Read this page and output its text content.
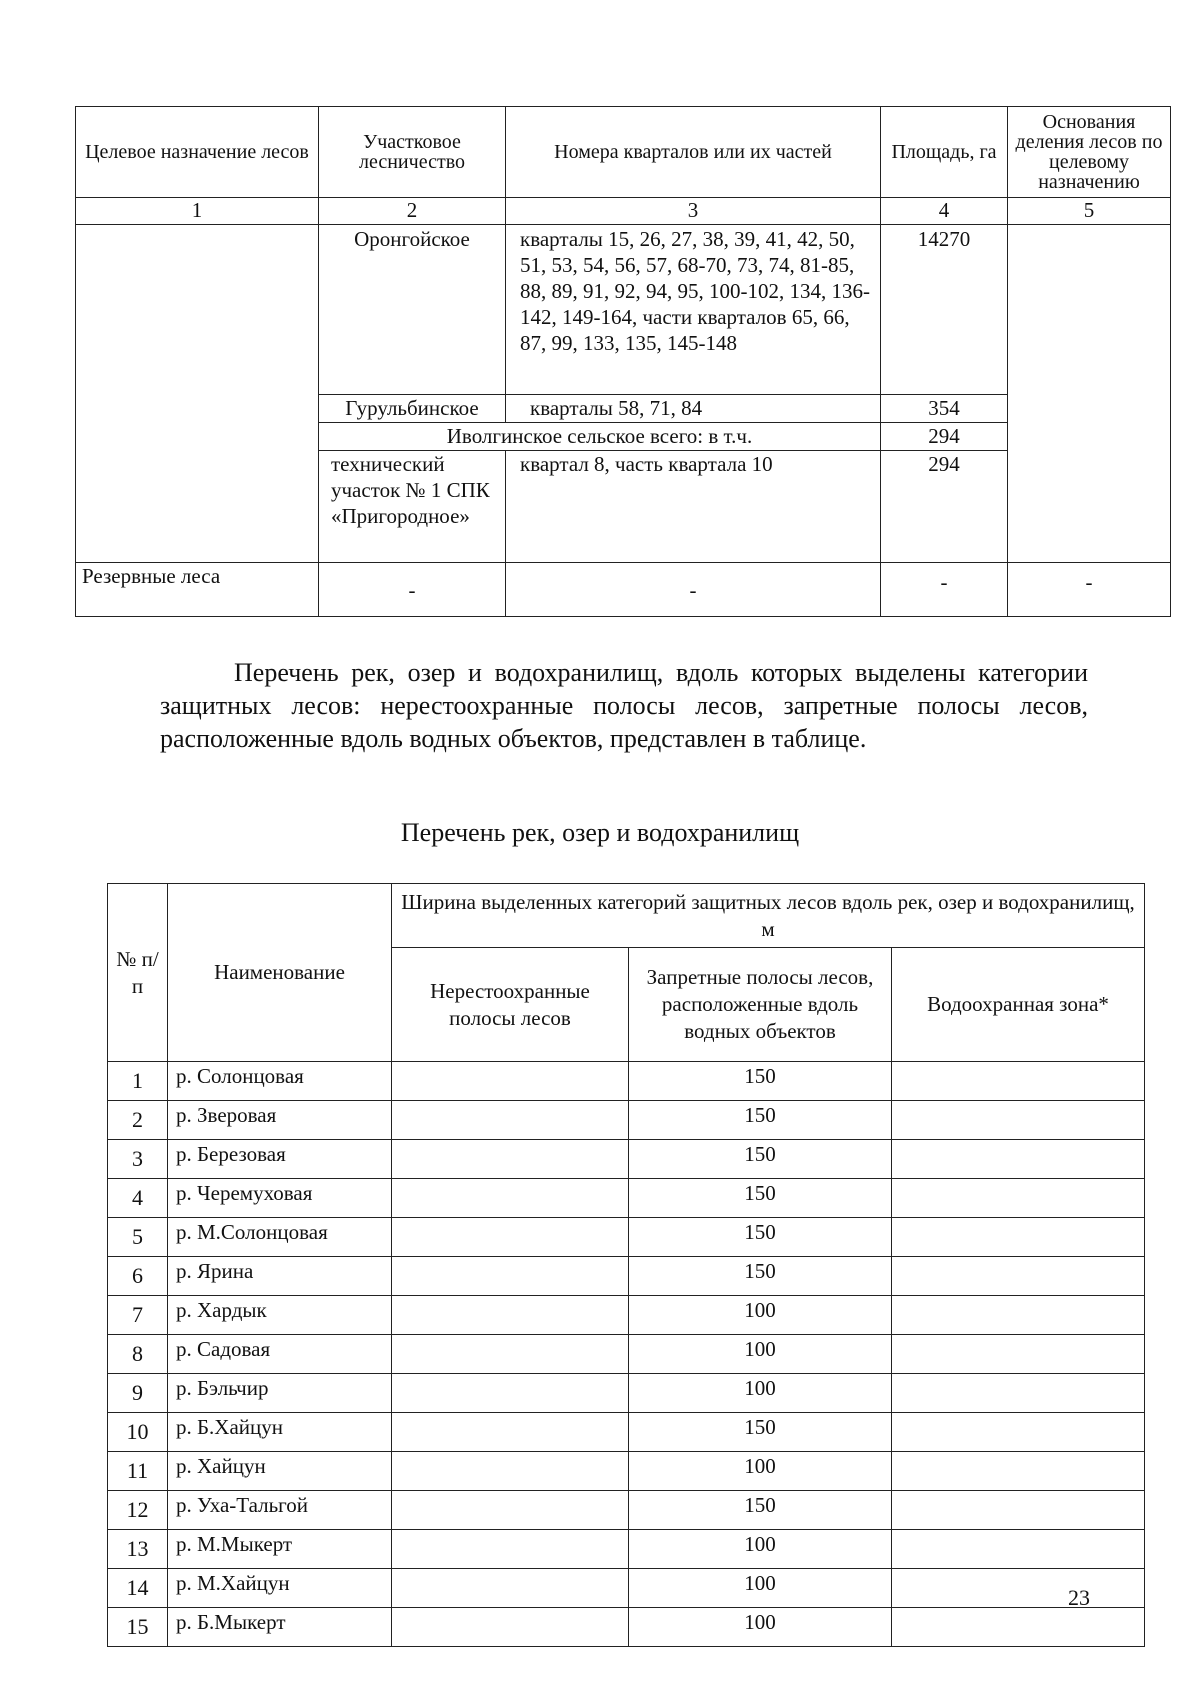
Целевое назначение лесов	Участковое лесничество	Номера кварталов или их частей	Площадь, га	Основания деления лесов по целевому назначению
1	2	3	4	5
	Оронгойское	кварталы 15, 26, 27, 38, 39, 41, 42, 50, 51, 53, 54, 56, 57, 68-70, 73, 74, 81-85, 88, 89, 91, 92, 94, 95, 100-102, 134, 136-142, 149-164, части кварталов 65, 66, 87, 99, 133, 135, 145-148	14270	
	Гурульбинское	кварталы 58, 71, 84	354	
	Иволгинское сельское всего: в т.ч.		294	
	технический участок № 1 СПК «Пригородное»	квартал 8, часть квартала 10	294	
Резервные леса	-	-	-	-

Перечень рек, озер и водохранилищ, вдоль которых выделены категории защитных лесов: нерестоохранные полосы лесов, запретные полосы лесов, расположенные вдоль водных объектов, представлен в таблице.

Перечень рек, озер и водохранилищ

№ п/п	Наименование	Ширина выделенных категорий защитных лесов вдоль рек, озер и водохранилищ, м		
		Нерестоохранные полосы лесов	Запретные полосы лесов, расположенные вдоль водных объектов	Водоохранная зона*
1	р. Солонцовая		150	
2	р. Зверовая		150	
3	р. Березовая		150	
4	р. Черемуховая		150	
5	р. М.Солонцовая		150	
6	р. Ярина		150	
7	р. Хардык		100	
8	р. Садовая		100	
9	р. Бэльчир		100	
10	р. Б.Хайцун		150	
11	р. Хайцун		100	
12	р. Уха-Тальгой		150	
13	р. М.Мыкерт		100	
14	р. М.Хайцун		100	
15	р. Б.Мыкерт		100	
23
